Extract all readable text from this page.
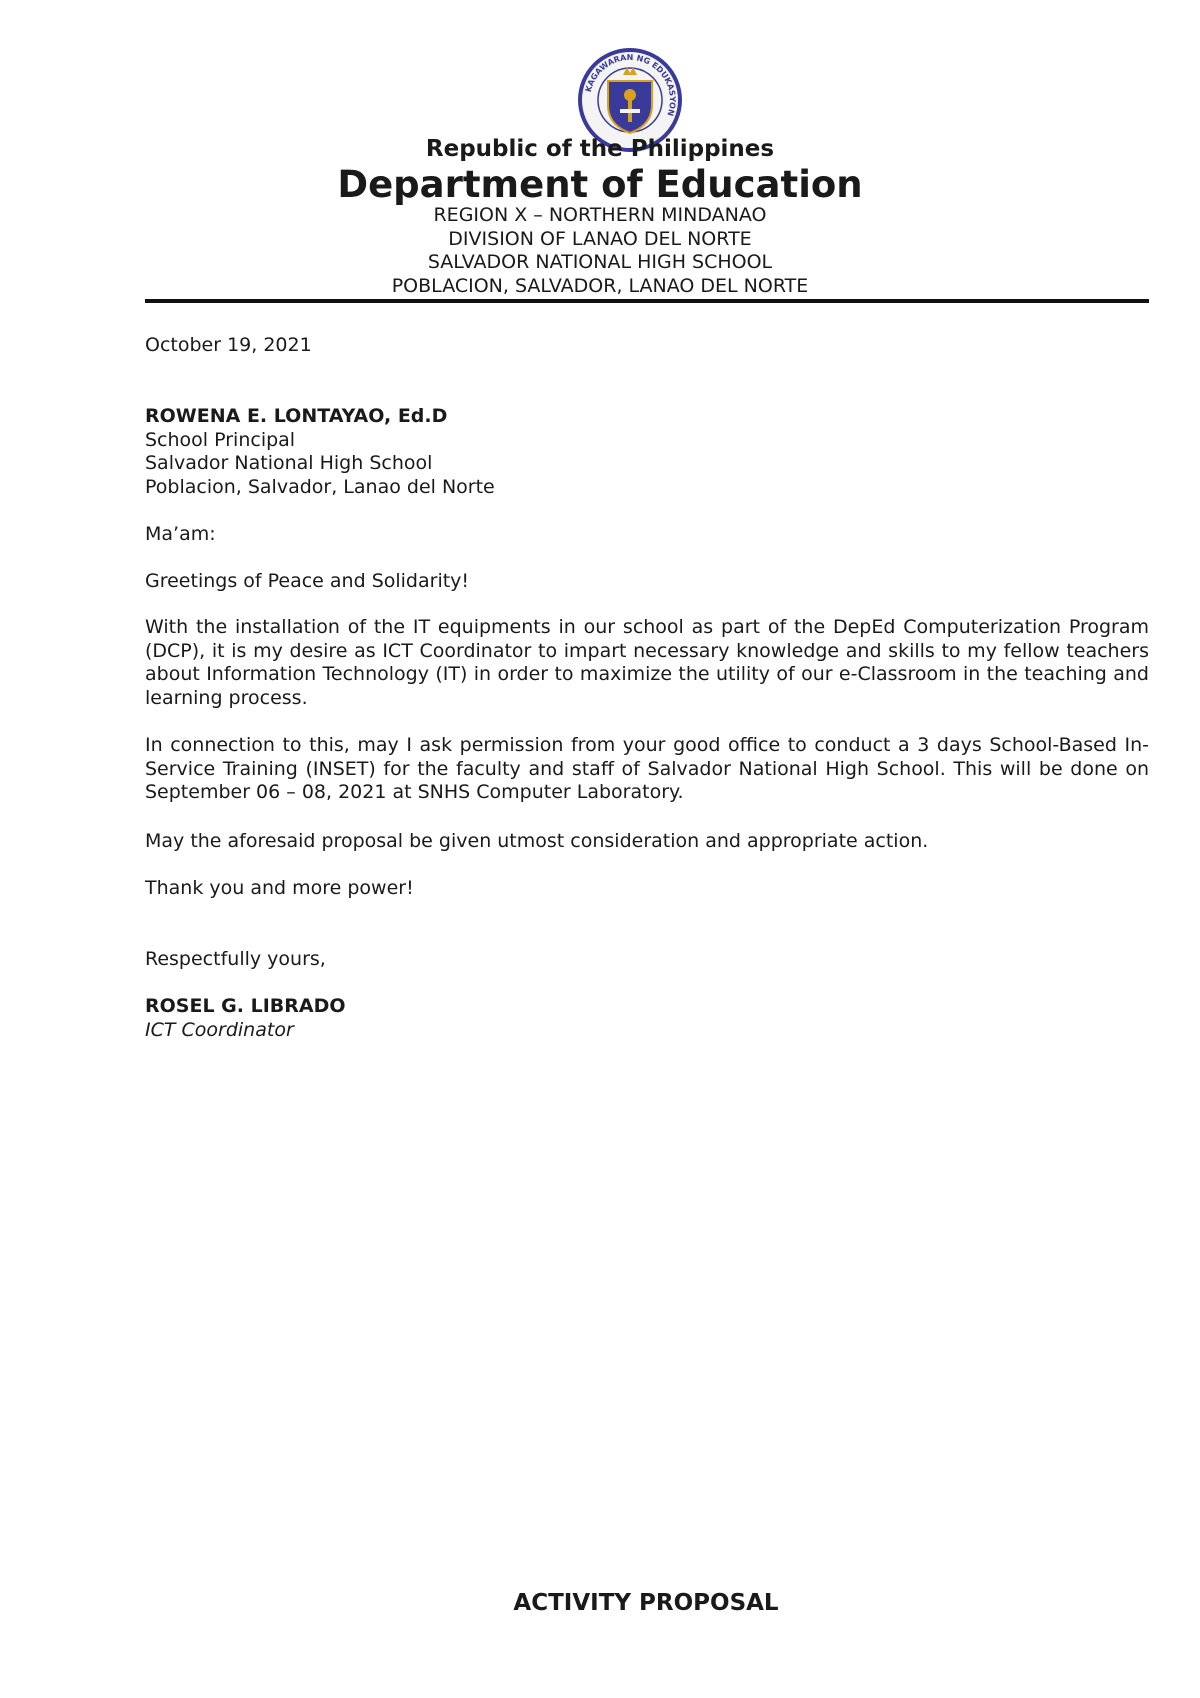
KAGAWARAN NG EDUKASYON
Republic of the Philippines
Department of Education
REGION X – NORTHERN MINDANAO
DIVISION OF LANAO DEL NORTE
SALVADOR NATIONAL HIGH SCHOOL
POBLACION, SALVADOR, LANAO DEL NORTE
October 19, 2021
ROWENA E. LONTAYAO, Ed.D
School Principal
Salvador National High School
Poblacion, Salvador, Lanao del Norte
Ma’am:
Greetings of Peace and Solidarity!
With the installation of the IT equipments in our school as part of the DepEd Computerization Program (DCP), it is my desire as ICT Coordinator to impart necessary knowledge and skills to my fellow teachers about Information Technology (IT) in order to maximize the utility of our e-Classroom in the teaching and learning process.
In connection to this, may I ask permission from your good office to conduct a 3 days School-Based In-Service Training (INSET) for the faculty and staff of Salvador National High School. This will be done on September 06 – 08, 2021 at SNHS Computer Laboratory.
May the aforesaid proposal be given utmost consideration and appropriate action.
Thank you and more power!
Respectfully yours,
ROSEL G. LIBRADO
ICT Coordinator
ACTIVITY PROPOSAL
